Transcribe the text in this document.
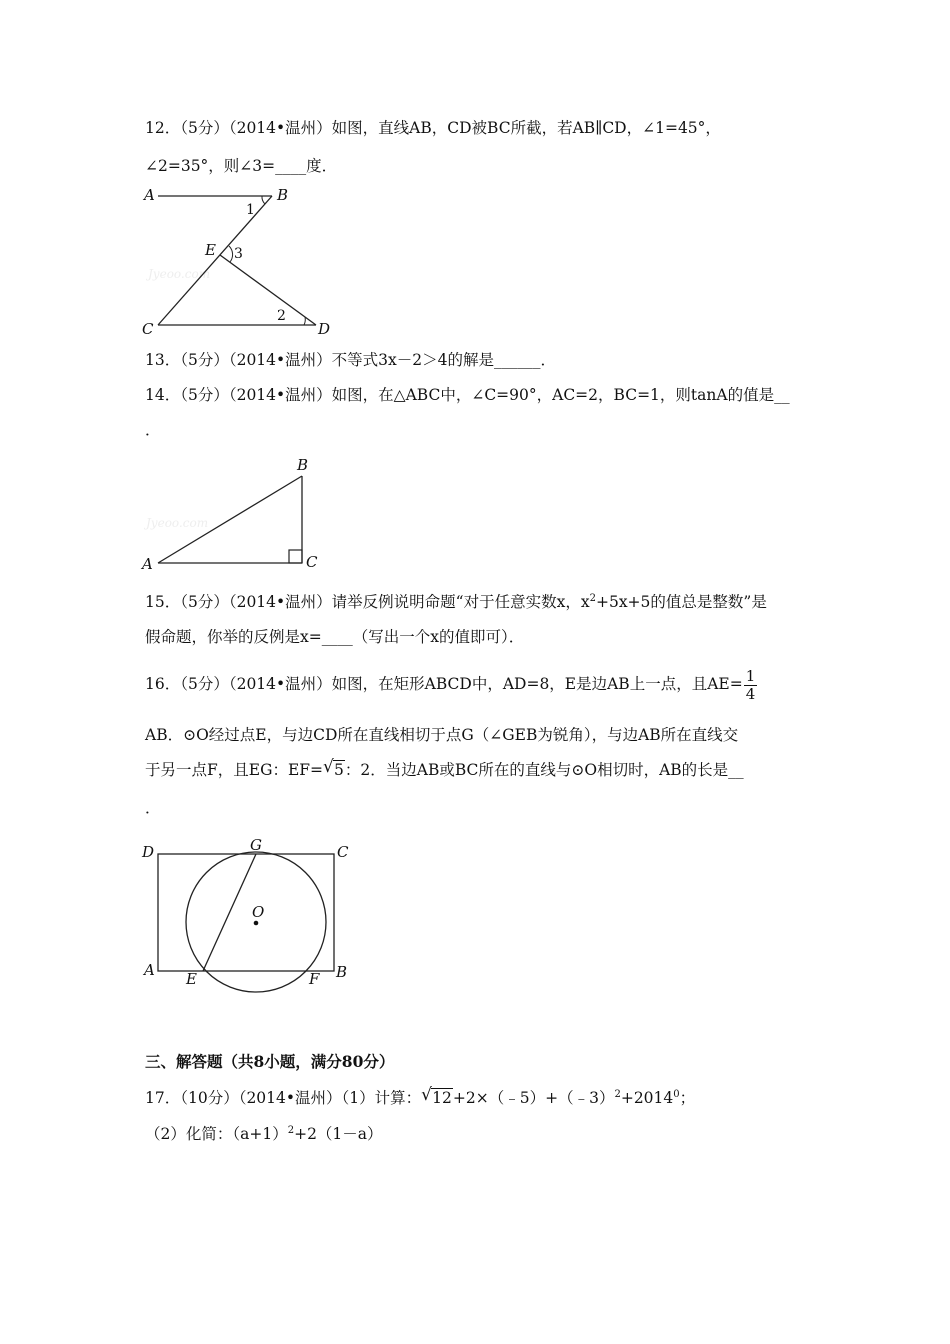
12．（5分）（2014•温州）如图，直线AB，CD被BC所截，若AB∥CD，∠1=45°，
∠2=35°，则∠3=____度．
Jyeoo.com
A	B
E
C	D
1
3
2
13．（5分）（2014•温州）不等式3x－2＞4的解是______．
14．（5分）（2014•温州）如图，在△ABC中，∠C=90°，AC=2，BC=1，则tanA的值是__
．
Jyeoo.com
A
B
C
15．（5分）（2014•温州）请举反例说明命题“对于任意实数x，$x^2+5x+5$的值总是整数”是
假命题，你举的反例是x=____（写出一个x的值即可）．
16．（5分）（2014•温州）如图，在矩形ABCD中，AD=8，E是边AB上一点，且$AE= \frac{1}{4}$
AB．⊙O经过点E，与边CD所在直线相切于点G（∠GEB为锐角），与边AB所在直线交
于另一点F，且EG：EF= √ 5：2．当边AB或BC所在的直线与⊙O相切时，AB的长是__
．
D	G	C
O
A E	F B
三、解答题（共8小题，满分80分）
17．（10分）（2014•温州）（1）计算： √ $12+2\times(﹣5)+(﹣3)^2+2014^0$；
（2）化简：$(a+1)^2+2(1-a)$
